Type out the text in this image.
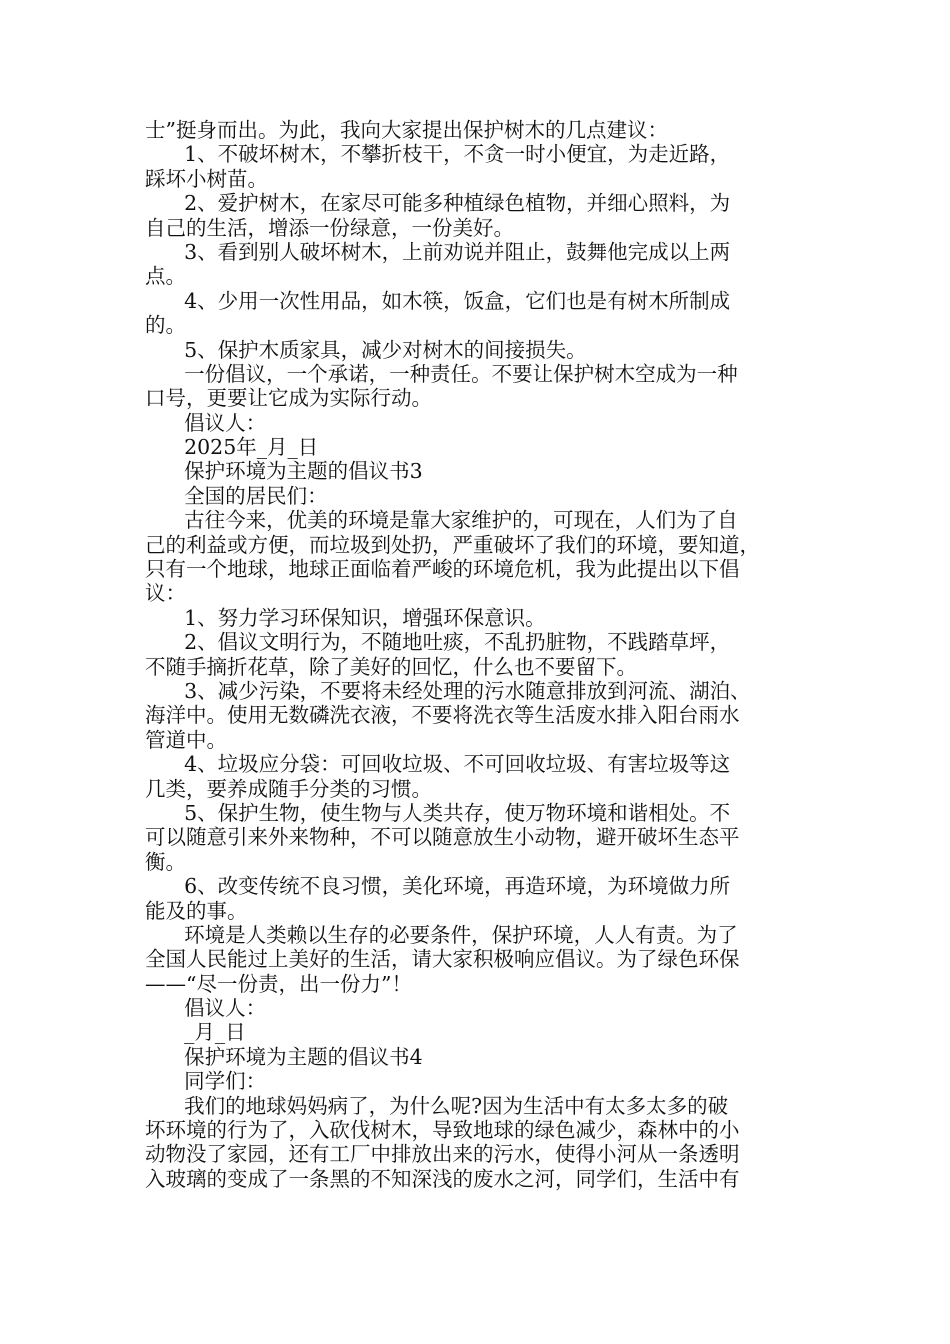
士”挺身而出。为此，我向大家提出保护树木的几点建议：
1、不破坏树木，不攀折枝干，不贪一时小便宜，为走近路，
踩坏小树苗。
2、爱护树木，在家尽可能多种植绿色植物，并细心照料，为
自己的生活，增添一份绿意，一份美好。
3、看到别人破坏树木，上前劝说并阻止，鼓舞他完成以上两
点。
4、少用一次性用品，如木筷，饭盒，它们也是有树木所制成
的。
5、保护木质家具，减少对树木的间接损失。
一份倡议，一个承诺，一种责任。不要让保护树木空成为一种
口号，更要让它成为实际行动。
倡议人：
2025年_月_日
保护环境为主题的倡议书3
全国的居民们：
古往今来，优美的环境是靠大家维护的，可现在，人们为了自
己的利益或方便，而垃圾到处扔，严重破坏了我们的环境，要知道，
只有一个地球，地球正面临着严峻的环境危机，我为此提出以下倡
议：
1、努力学习环保知识，增强环保意识。
2、倡议文明行为，不随地吐痰，不乱扔脏物，不践踏草坪，
不随手摘折花草，除了美好的回忆，什么也不要留下。
3、减少污染，不要将未经处理的污水随意排放到河流、湖泊、
海洋中。使用无数磷洗衣液，不要将洗衣等生活废水排入阳台雨水
管道中。
4、垃圾应分袋：可回收垃圾、不可回收垃圾、有害垃圾等这
几类，要养成随手分类的习惯。
5、保护生物，使生物与人类共存，使万物环境和谐相处。不
可以随意引来外来物种，不可以随意放生小动物，避开破坏生态平
衡。
6、改变传统不良习惯，美化环境，再造环境，为环境做力所
能及的事。
环境是人类赖以生存的必要条件，保护环境，人人有责。为了
全国人民能过上美好的生活，请大家积极响应倡议。为了绿色环保
——“尽一份责，出一份力”！
倡议人：
_月_日
保护环境为主题的倡议书4
同学们：
我们的地球妈妈病了，为什么呢?因为生活中有太多太多的破
坏环境的行为了，入砍伐树木，导致地球的绿色减少，森林中的小
动物没了家园，还有工厂中排放出来的污水，使得小河从一条透明
入玻璃的变成了一条黑的不知深浅的废水之河，同学们，生活中有
